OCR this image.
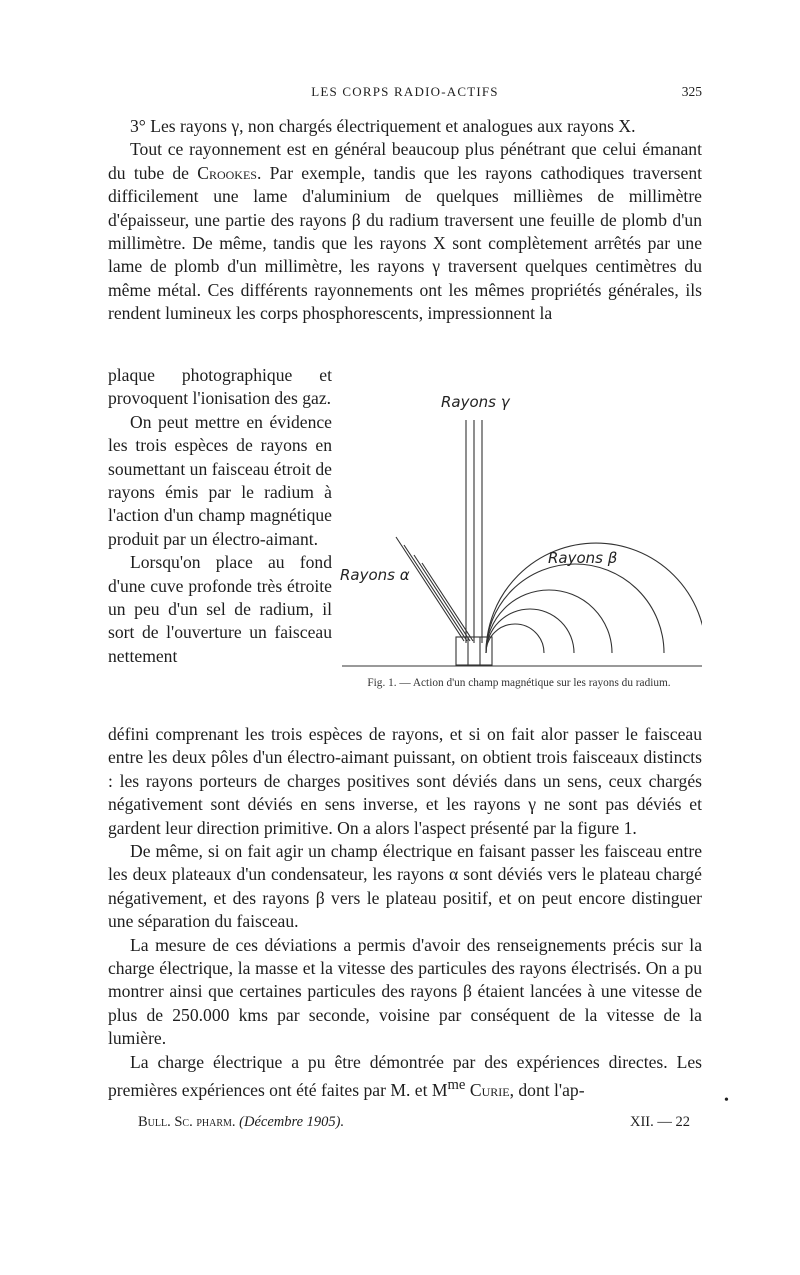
LES CORPS RADIO-ACTIFS	325

3° Les rayons γ, non chargés électriquement et analogues aux rayons X.

Tout ce rayonnement est en général beaucoup plus pénétrant que celui émanant du tube de Crookes. Par exemple, tandis que les rayons cathodiques traversent difficilement une lame d'aluminium de quelques millièmes de millimètre d'épaisseur, une partie des rayons β du radium traversent une feuille de plomb d'un millimètre. De même, tandis que les rayons X sont complètement arrêtés par une lame de plomb d'un millimètre, les rayons γ traversent quelques centimètres du même métal. Ces différents rayonnements ont les mêmes propriétés générales, ils rendent lumineux les corps phosphorescents, impressionnent la

plaque photographique et provoquent l'ionisation des gaz.

On peut mettre en évidence les trois espèces de rayons en soumettant un faisceau étroit de rayons émis par le radium à l'action d'un champ magnétique produit par un électro-aimant.

Lorsqu'on place au fond d'une cuve profonde très étroite un peu d'un sel de radium, il sort de l'ouverture un faisceau nettement

Rayons γ
Rayons α
Rayons β
Fig. 1. — Action d'un champ magnétique sur les rayons du radium.

défini comprenant les trois espèces de rayons, et si on fait alor passer le faisceau entre les deux pôles d'un électro-aimant puissant, on obtient trois faisceaux distincts : les rayons porteurs de charges positives sont déviés dans un sens, ceux chargés négativement sont déviés en sens inverse, et les rayons γ ne sont pas déviés et gardent leur direction primitive. On a alors l'aspect présenté par la figure 1.

De même, si on fait agir un champ électrique en faisant passer les faisceau entre les deux plateaux d'un condensateur, les rayons α sont déviés vers le plateau chargé négativement, et des rayons β vers le plateau positif, et on peut encore distinguer une séparation du faisceau.

La mesure de ces déviations a permis d'avoir des renseignements précis sur la charge électrique, la masse et la vitesse des particules des rayons électrisés. On a pu montrer ainsi que certaines particules des rayons β étaient lancées à une vitesse de plus de 250.000 kms par seconde, voisine par conséquent de la vitesse de la lumière.

La charge électrique a pu être démontrée par des expériences directes. Les premières expériences ont été faites par M. et $M^{me}$ Curie, dont l'ap-

Bull. Sc. pharm. (Décembre 1905).	XII. — 22
•
